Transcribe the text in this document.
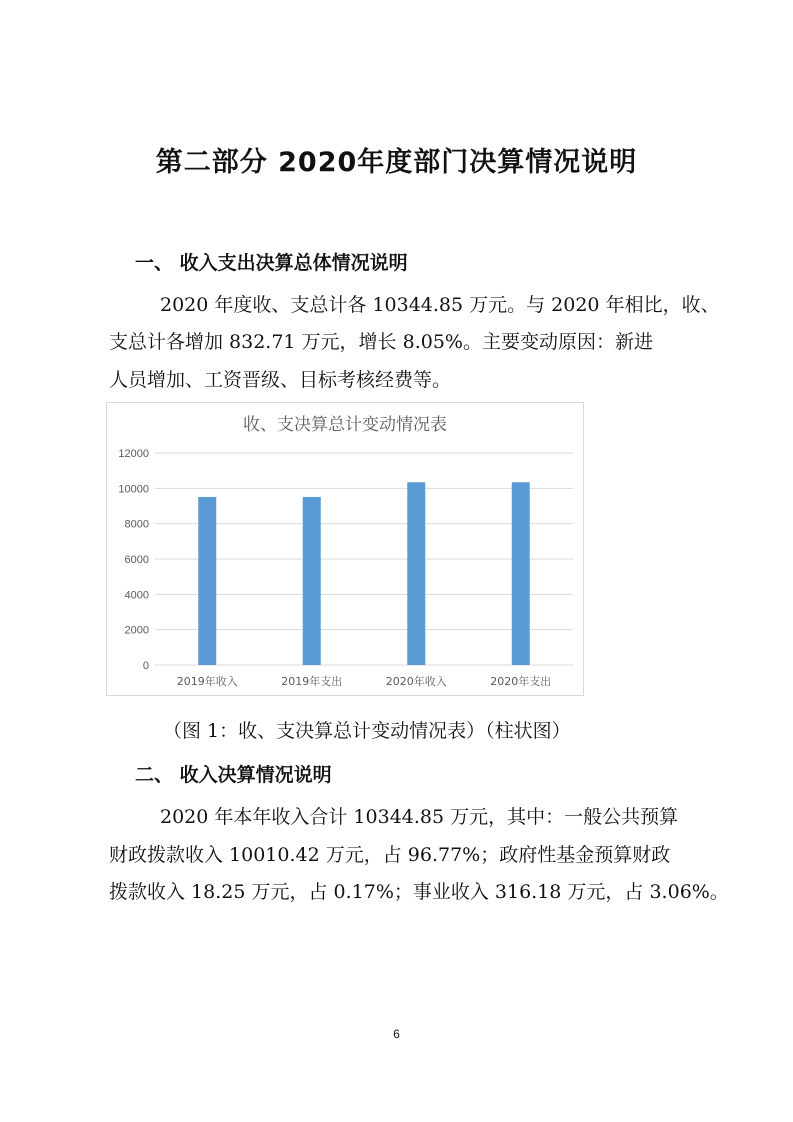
第二部分 2020年度部门决算情况说明
一、 收入支出决算总体情况说明
2020 年度收、支总计各 10344.85 万元。与 2020 年相比，收、
支总计各增加 832.71 万元，增长 8.05%。主要变动原因：新进
人员增加、工资晋级、目标考核经费等。
收、支决算总计变动情况表
0
2000
4000
6000
8000
10000
12000
2019年收入	2019年支出	2020年收入	2020年支出
（图 1：收、支决算总计变动情况表）（柱状图）
二、 收入决算情况说明
2020 年本年收入合计 10344.85 万元，其中：一般公共预算
财政拨款收入 10010.42 万元，占 96.77%；政府性基金预算财政
拨款收入 18.25 万元，占 0.17%；事业收入 316.18 万元，占 3.06%。
6
